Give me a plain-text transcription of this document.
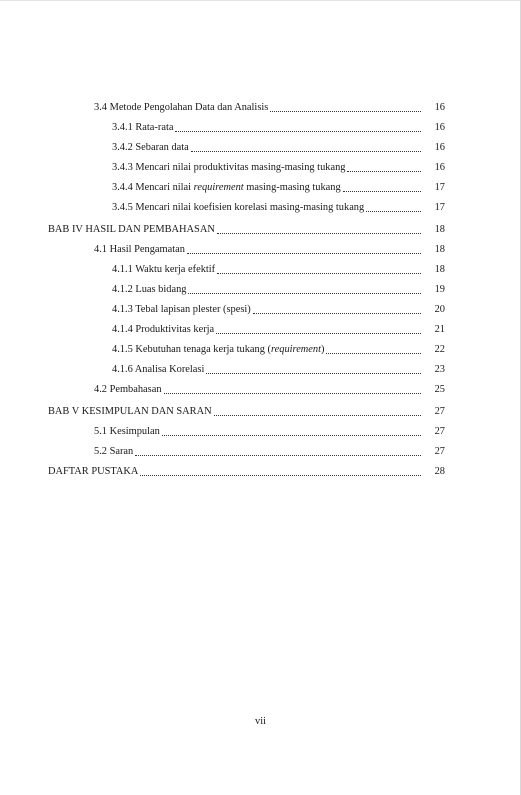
3.4 Metode Pengolahan Data dan Analisis	16
3.4.1 Rata-rata	16
3.4.2 Sebaran data	16
3.4.3 Mencari nilai produktivitas masing-masing tukang	16
3.4.4 Mencari nilai requirement masing-masing tukang	17
3.4.5 Mencari nilai koefisien korelasi masing-masing tukang	17
BAB IV HASIL DAN PEMBAHASAN	18
4.1 Hasil Pengamatan	18
4.1.1 Waktu kerja efektif	18
4.1.2 Luas bidang	19
4.1.3 Tebal lapisan plester (spesi)	20
4.1.4 Produktivitas kerja	21
4.1.5 Kebutuhan tenaga kerja tukang (requirement)	22
4.1.6 Analisa Korelasi	23
4.2 Pembahasan	25
BAB V KESIMPULAN DAN SARAN	27
5.1 Kesimpulan	27
5.2 Saran	27
DAFTAR PUSTAKA	28
vii
